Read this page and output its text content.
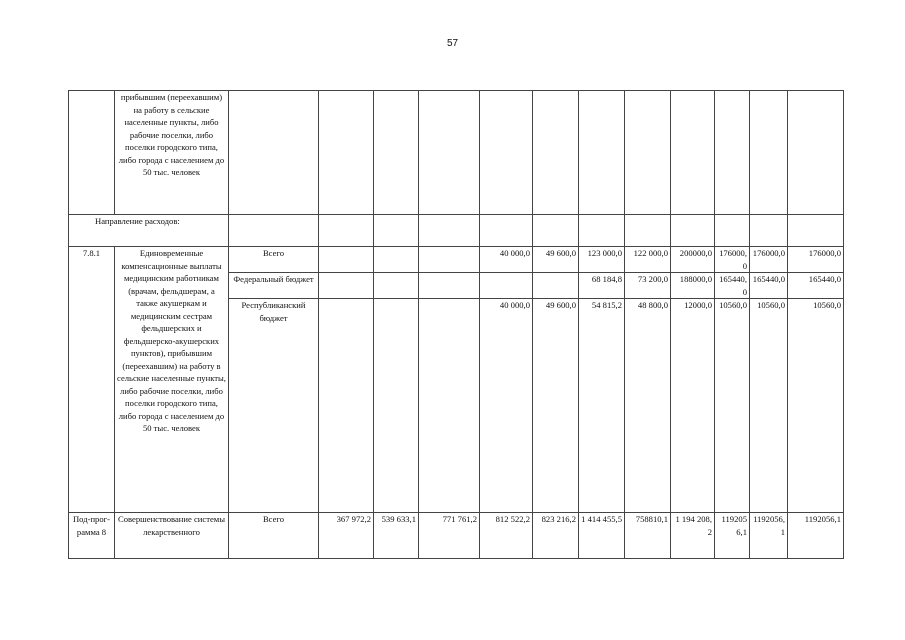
57
	прибывшим (переехавшим) на работу в сельские населенные пункты, либо рабочие поселки, либо поселки городского типа, либо города с населением до 50 тыс. человек												
Направление расходов:													
7.8.1	Единовременные компенсационные выплаты медицинским работникам (врачам, фельдшерам, а также акушеркам и медицинским сестрам фельдшерских и фельдшерско-акушерских пунктов), прибывшим (переехавшим) на работу в сельские населенные пункты, либо рабочие поселки, либо поселки городского типа, либо города с населением до 50 тыс. человек	Всего				40 000,0	49 600,0	123 000,0	122 000,0	200000,0	176000,0	176000,0	176000,0
		Федеральный бюджет						68 184,8	73 200,0	188000,0	165440,0	165440,0	165440,0
		Республиканский бюджет				40 000,0	49 600,0	54 815,2	48 800,0	12000,0	10560,0	10560,0	10560,0
Под-прог-рамма 8	Совершенствование системы лекарственного	Всего	367 972,2	539 633,1	771 761,2	812 522,2	823 216,2	1 414 455,5	758810,1	1 194 208,2	1192056,1	1192056,1	1192056,1
